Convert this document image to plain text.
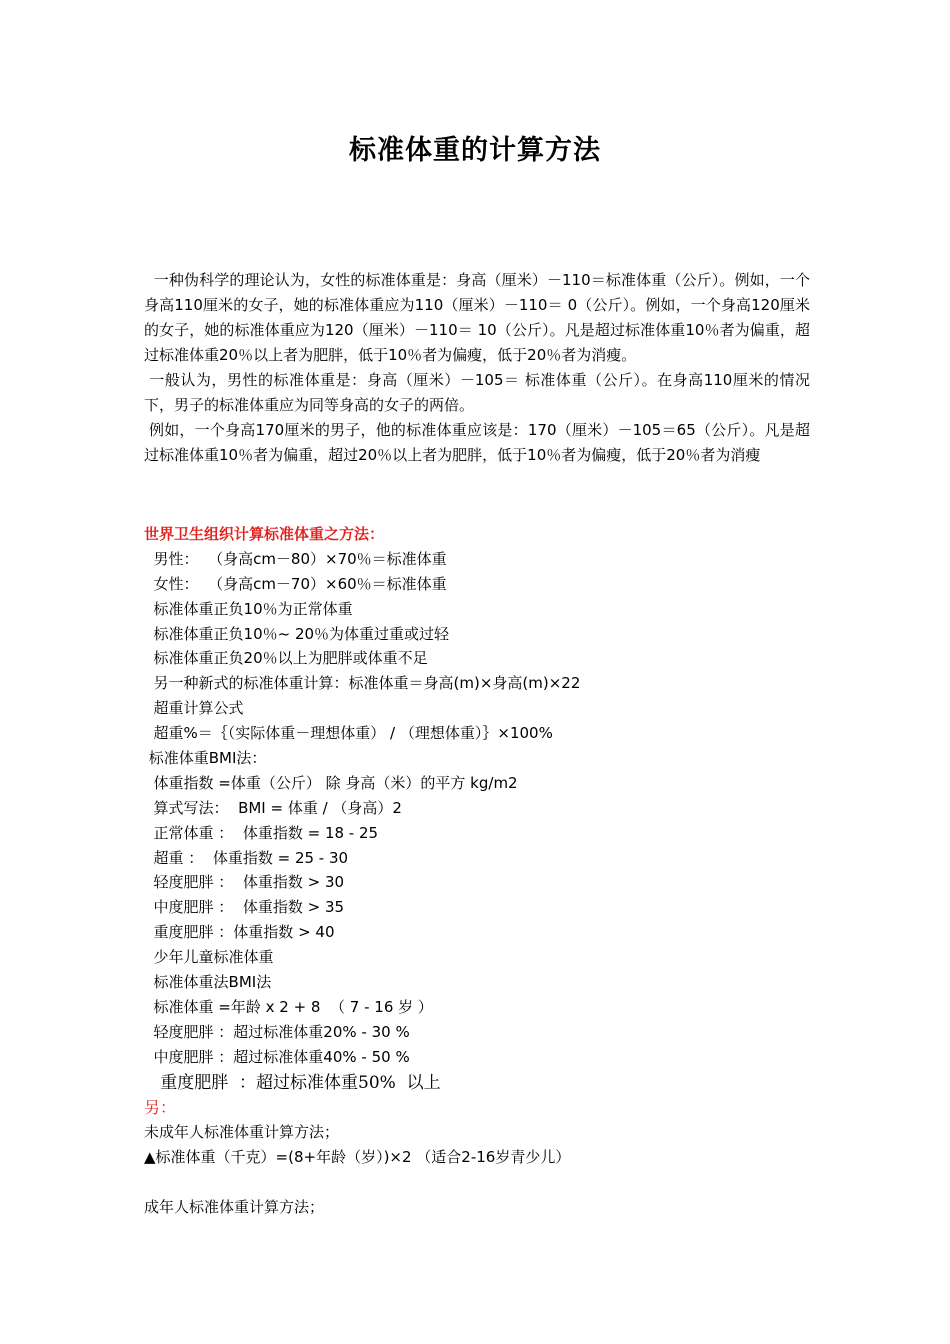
标准体重的计算方法

一种伪科学的理论认为，女性的标准体重是：身高（厘米）－110＝标准体重（公斤）。例如，一个身高110厘米的女子，她的标准体重应为110（厘米）－110＝ 0（公斤）。例如，一个身高120厘米的女子，她的标准体重应为120（厘米）－110＝ 10（公斤）。凡是超过标准体重10％者为偏重，超过标准体重20％以上者为肥胖，低于10％者为偏瘦，低于20％者为消瘦。

一般认为，男性的标准体重是：身高（厘米）－105＝ 标准体重（公斤）。在身高110厘米的情况下，男子的标准体重应为同等身高的女子的两倍。

例如，一个身高170厘米的男子，他的标准体重应该是：170（厘米）－105＝65（公斤）。凡是超过标准体重10％者为偏重，超过20％以上者为肥胖，低于10％者为偏瘦，低于20％者为消瘦

世界卫生组织计算标准体重之方法：
男性：  （身高cm－80）×70％＝标准体重
女性：  （身高cm－70）×60％＝标准体重
标准体重正负10％为正常体重
标准体重正负10％~ 20％为体重过重或过轻
标准体重正负20％以上为肥胖或体重不足
另一种新式的标准体重计算：标准体重＝身高(m)×身高(m)×22
超重计算公式
超重%＝｛（实际体重－理想体重） / （理想体重）｝×100%
标准体重BMI法：
体重指数 =体重（公斤） 除 身高（米）的平方 kg/m2
算式写法：  BMI = 体重 / （身高）2
正常体重 ：  体重指数 = 18 - 25
超重 ：  体重指数 = 25 - 30
轻度肥胖 ：  体重指数 > 30
中度肥胖 ：  体重指数 > 35
重度肥胖 ：体重指数 > 40
少年儿童标准体重
标准体重法BMI法
标准体重 =年龄 x 2 + 8  （ 7 - 16 岁 ）
轻度肥胖 ：超过标准体重20% - 30 %
中度肥胖 ：超过标准体重40% - 50 %
重度肥胖  ：超过标准体重50%  以上
另：
未成年人标准体重计算方法；
▲标准体重（千克）=(8+年龄（岁）)×2 （适合2-16岁青少儿）
成年人标准体重计算方法；
